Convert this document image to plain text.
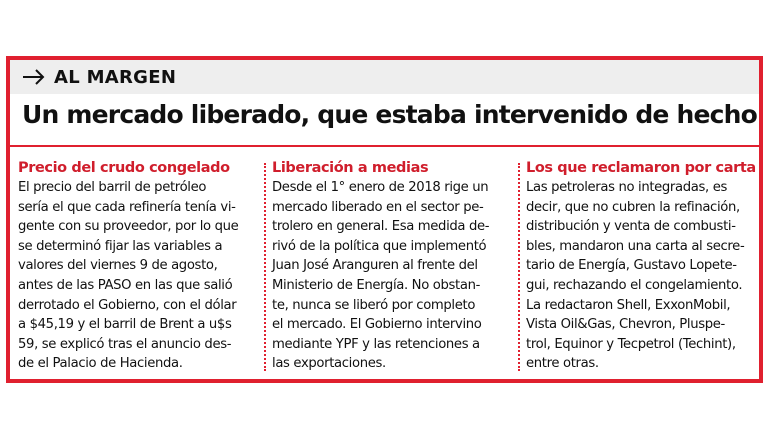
AL MARGEN
Un mercado liberado, que estaba intervenido de hecho
Precio del crudo congelado

El precio del barril de petróleo
sería el que cada refinería tenía vi-
gente con su proveedor, por lo que
se determinó fijar las variables a
valores del viernes 9 de agosto,
antes de las PASO en las que salió
derrotado el Gobierno, con el dólar
a $45,19 y el barril de Brent a u$s
59, se explicó tras el anuncio des-
de el Palacio de Hacienda.

Liberación a medias

Desde el 1° enero de 2018 rige un
mercado liberado en el sector pe-
trolero en general. Esa medida de-
rivó de la política que implementó
Juan José Aranguren al frente del
Ministerio de Energía. No obstan-
te, nunca se liberó por completo
el mercado. El Gobierno intervino
mediante YPF y las retenciones a
las exportaciones.

Los que reclamaron por carta

Las petroleras no integradas, es
decir, que no cubren la refinación,
distribución y venta de combusti-
bles, mandaron una carta al secre-
tario de Energía, Gustavo Lopete-
gui, rechazando el congelamiento.
La redactaron Shell, ExxonMobil,
Vista Oil&Gas, Chevron, Pluspe-
trol, Equinor y Tecpetrol (Techint),
entre otras.
